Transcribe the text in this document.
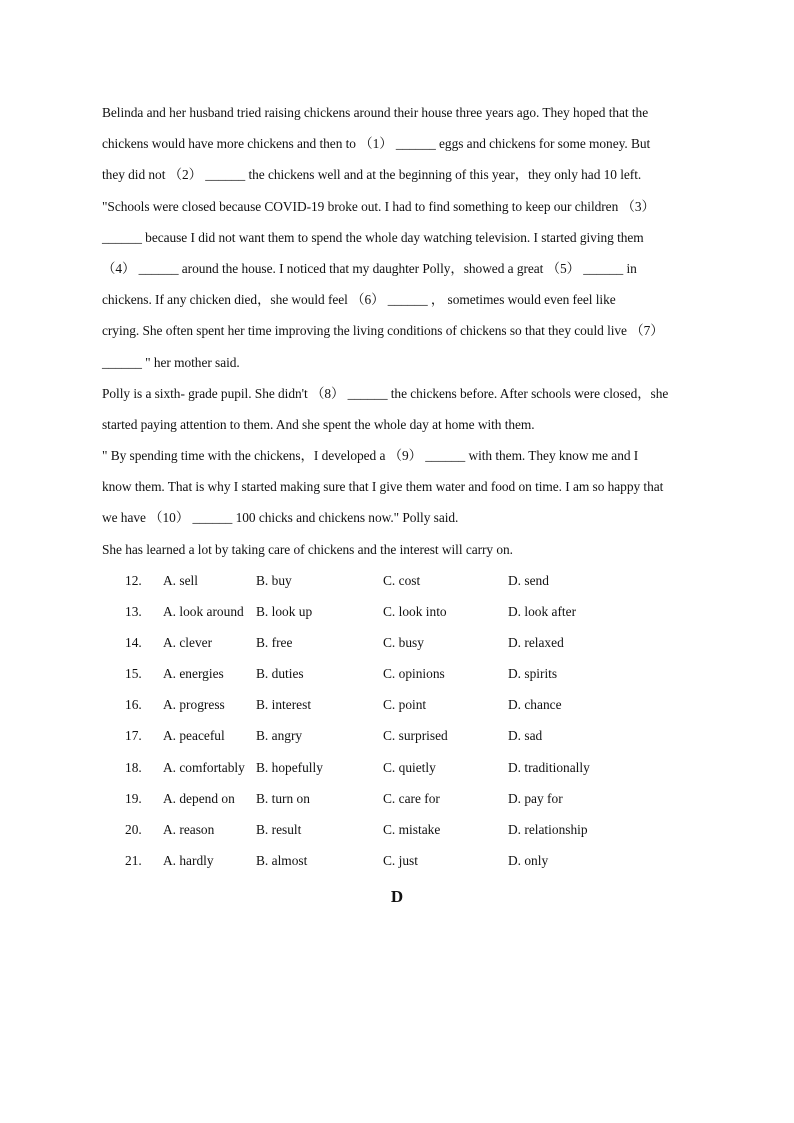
Belinda and her husband tried raising chickens around their house three years ago. They hoped that the
chickens would have more chickens and then to （1） ______ eggs and chickens for some money. But
they did not （2） ______ the chickens well and at the beginning of this year，they only had 10 left.
"Schools were closed because COVID-19 broke out. I had to find something to keep our children （3）
______ because I did not want them to spend the whole day watching television. I started giving them
（4） ______ around the house. I noticed that my daughter Polly，showed a great （5） ______ in
chickens. If any chicken died，she would feel （6） ______ ， sometimes would even feel like
crying. She often spent her time improving the living conditions of chickens so that they could live （7）
______ " her mother said.
Polly is a sixth- grade pupil. She didn't （8） ______ the chickens before. After schools were closed，she
started paying attention to them. And she spent the whole day at home with them.
" By spending time with the chickens，I developed a （9） ______ with them. They know me and I
know them. That is why I started making sure that I give them water and food on time. I am so happy that
we have （10） ______ 100 chicks and chickens now." Polly said.
She has learned a lot by taking care of chickens and the interest will carry on.
12.	A. sell	B. buy	C. cost	D. send
13.	A. look around B. look up	C. look into	D. look after
14.	A. clever	B. free	C. busy	D. relaxed
15.	A. energies B. duties	C. opinions	D. spirits
16.	A. progress B. interest	C. point	D. chance
17.	A. peaceful B. angry	C. surprised	D. sad
18.	A. comfortably B. hopefully	C. quietly	D. traditionally
19.	A. depend on B. turn on	C. care for	D. pay for
20.	A. reason	B. result	C. mistake	D. relationship
21.	A. hardly	B. almost	C. just	D. only
D
